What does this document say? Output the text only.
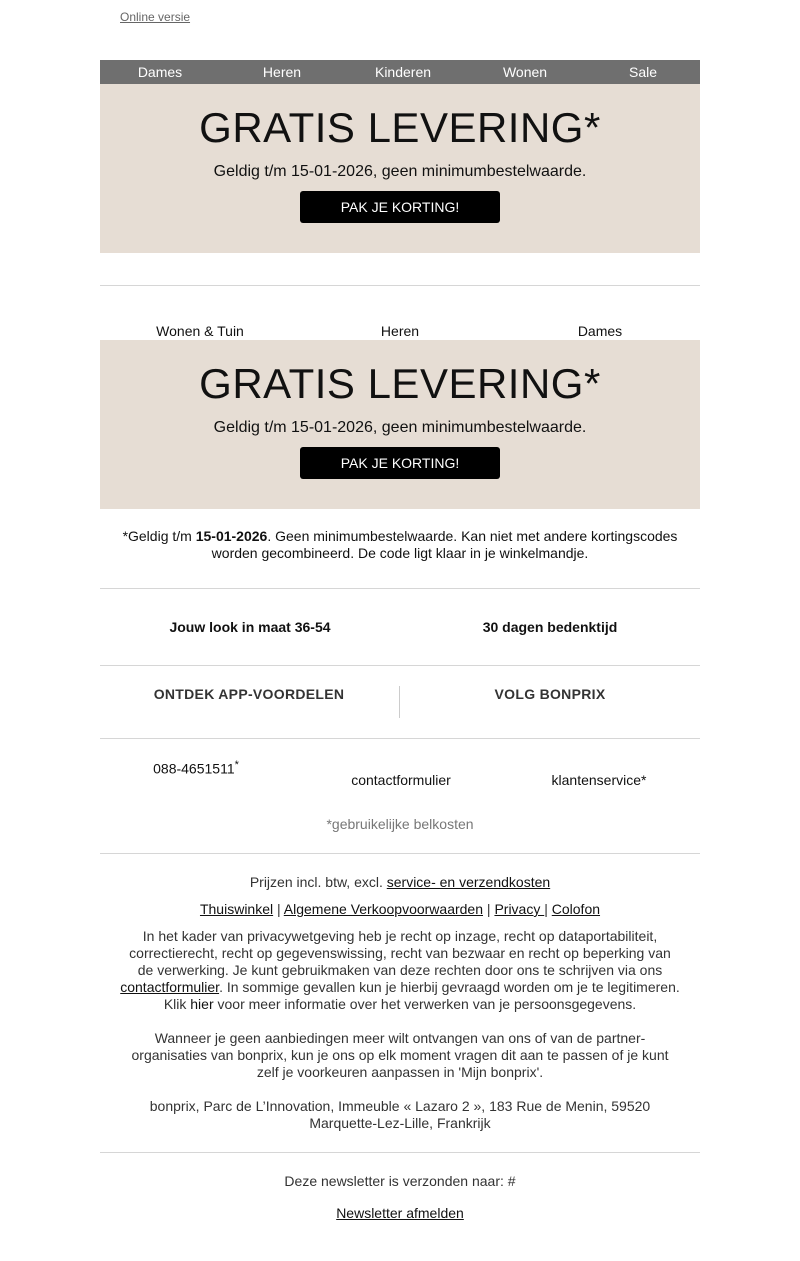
Online versie
Dames	Heren	Kinderen	Wonen	Sale
GRATIS LEVERING*
Geldig t/m 15-01-2026, geen minimumbestelwaarde.
PAK JE KORTING!
Wonen & Tuin	Heren	Dames
GRATIS LEVERING*
Geldig t/m 15-01-2026, geen minimumbestelwaarde.
PAK JE KORTING!
*Geldig t/m 15-01-2026. Geen minimumbestelwaarde. Kan niet met andere kortingscodes worden gecombineerd. De code ligt klaar in je winkelmandje.
Jouw look in maat 36-54	30 dagen bedenktijd
ONTDEK APP-VOORDELEN	VOLG BONPRIX
088-4651511*
contactformulier	klantenservice*
*gebruikelijke belkosten
Prijzen incl. btw, excl. service- en verzendkosten
Thuiswinkel | Algemene Verkoopvoorwaarden | Privacy | Colofon
In het kader van privacywetgeving heb je recht op inzage, recht op dataportabiliteit, correctierecht, recht op gegevenswissing, recht van bezwaar en recht op beperking van de verwerking. Je kunt gebruikmaken van deze rechten door ons te schrijven via ons contactformulier. In sommige gevallen kun je hierbij gevraagd worden om je te legitimeren. Klik hier voor meer informatie over het verwerken van je persoonsgegevens.
Wanneer je geen aanbiedingen meer wilt ontvangen van ons of van de partner-organisaties van bonprix, kun je ons op elk moment vragen dit aan te passen of je kunt zelf je voorkeuren aanpassen in 'Mijn bonprix'.
bonprix, Parc de L’Innovation, Immeuble « Lazaro 2 », 183 Rue de Menin, 59520 Marquette-Lez-Lille, Frankrijk
Deze newsletter is verzonden naar: #
Newsletter afmelden
